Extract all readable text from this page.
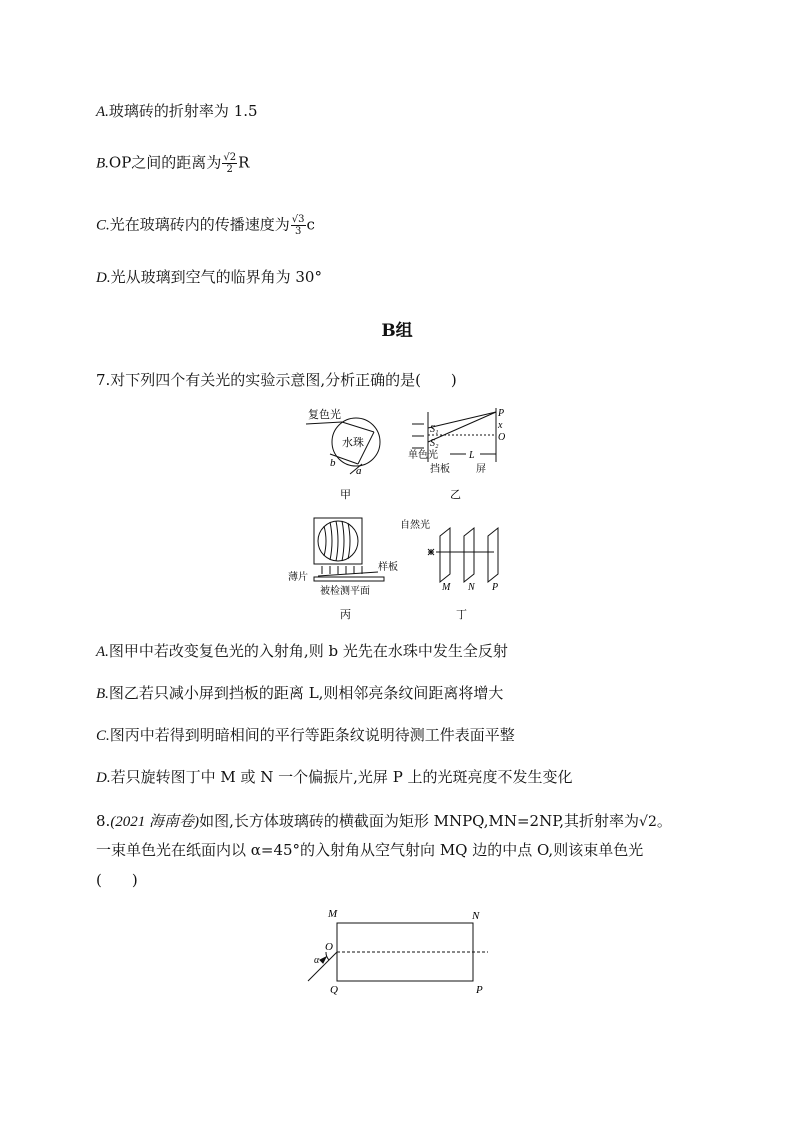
A.玻璃砖的折射率为 1.5
B.OP之间的距离为 $\frac{√2}{2}$ R
C.光在玻璃砖内的传播速度为 $\frac{√3}{3}$ c
D.光从玻璃到空气的临界角为 30°
B组
7.对下列四个有关光的实验示意图,分析正确的是(　　)
复色光
水珠
b
a
甲
S₁
S₂
P
x
O
L
单色光
挡板	屏
乙
薄片
样板
被检测平面
丙
自然光
M N P
丁
A.图甲中若改变复色光的入射角,则 b 光先在水珠中发生全反射
B.图乙若只减小屏到挡板的距离 L,则相邻亮条纹间距离将增大
C.图丙中若得到明暗相间的平行等距条纹说明待测工件表面平整
D.若只旋转图丁中 M 或 N 一个偏振片,光屏 P 上的光斑亮度不发生变化
8.(2021 海南卷)如图,长方体玻璃砖的横截面为矩形 MNPQ,MN=2NP,其折射率为√2。
一束单色光在纸面内以 α=45°的入射角从空气射向 MQ 边的中点 O,则该束单色光
(　　)
M	N
O
α
Q	P
